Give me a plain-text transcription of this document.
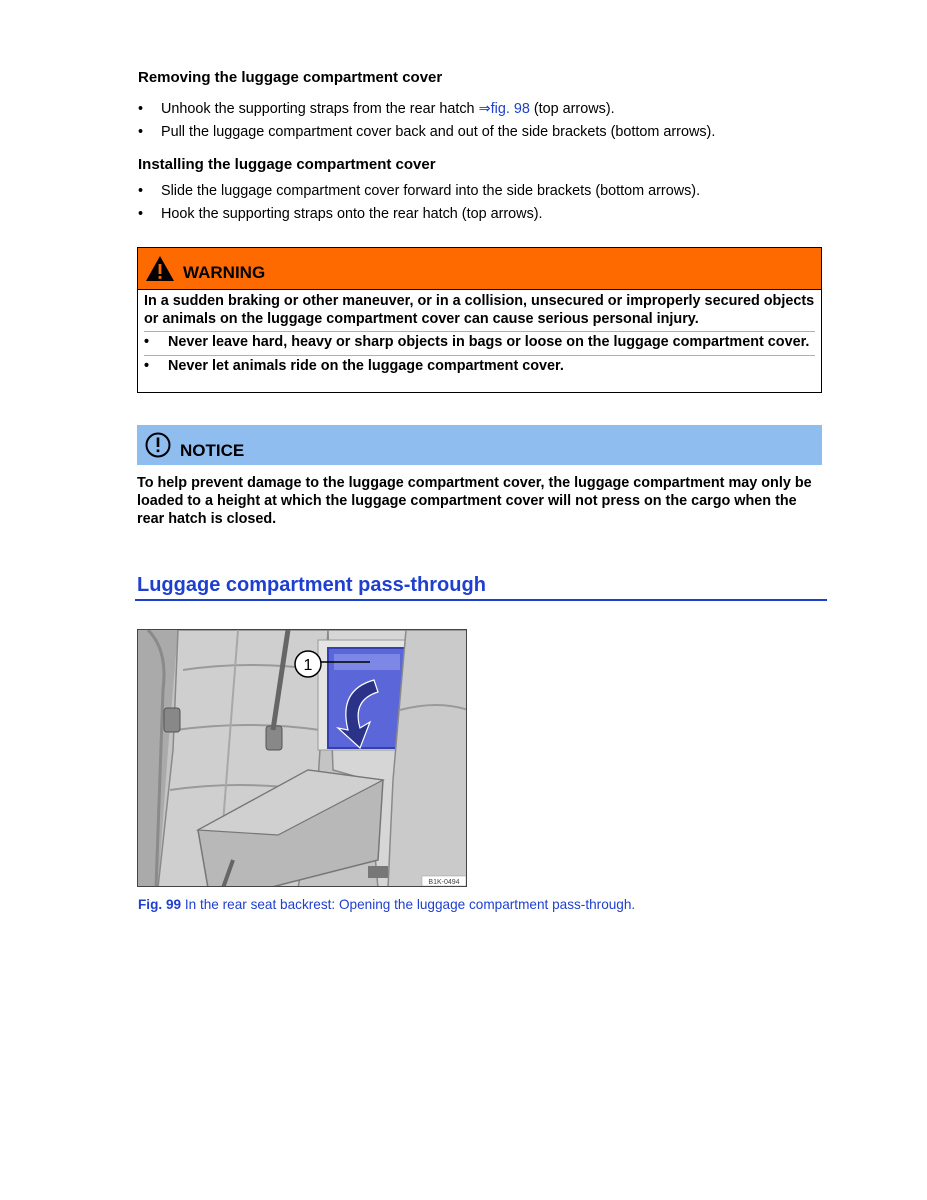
Removing the luggage compartment cover
• Unhook the supporting straps from the rear hatch ⇒fig. 98 (top arrows).
• Pull the luggage compartment cover back and out of the side brackets (bottom arrows).
Installing the luggage compartment cover
• Slide the luggage compartment cover forward into the side brackets (bottom arrows).
• Hook the supporting straps onto the rear hatch (top arrows).
WARNING
In a sudden braking or other maneuver, or in a collision, unsecured or improperly secured objects or animals on the luggage compartment cover can cause serious personal injury.
• Never leave hard, heavy or sharp objects in bags or loose on the luggage compartment cover.
• Never let animals ride on the luggage compartment cover.
NOTICE
To help prevent damage to the luggage compartment cover, the luggage compartment may only be loaded to a height at which the luggage compartment cover will not press on the cargo when the rear hatch is closed.
Luggage compartment pass-through
1
B1K-0494
Fig. 99 In the rear seat backrest: Opening the luggage compartment pass-through.
